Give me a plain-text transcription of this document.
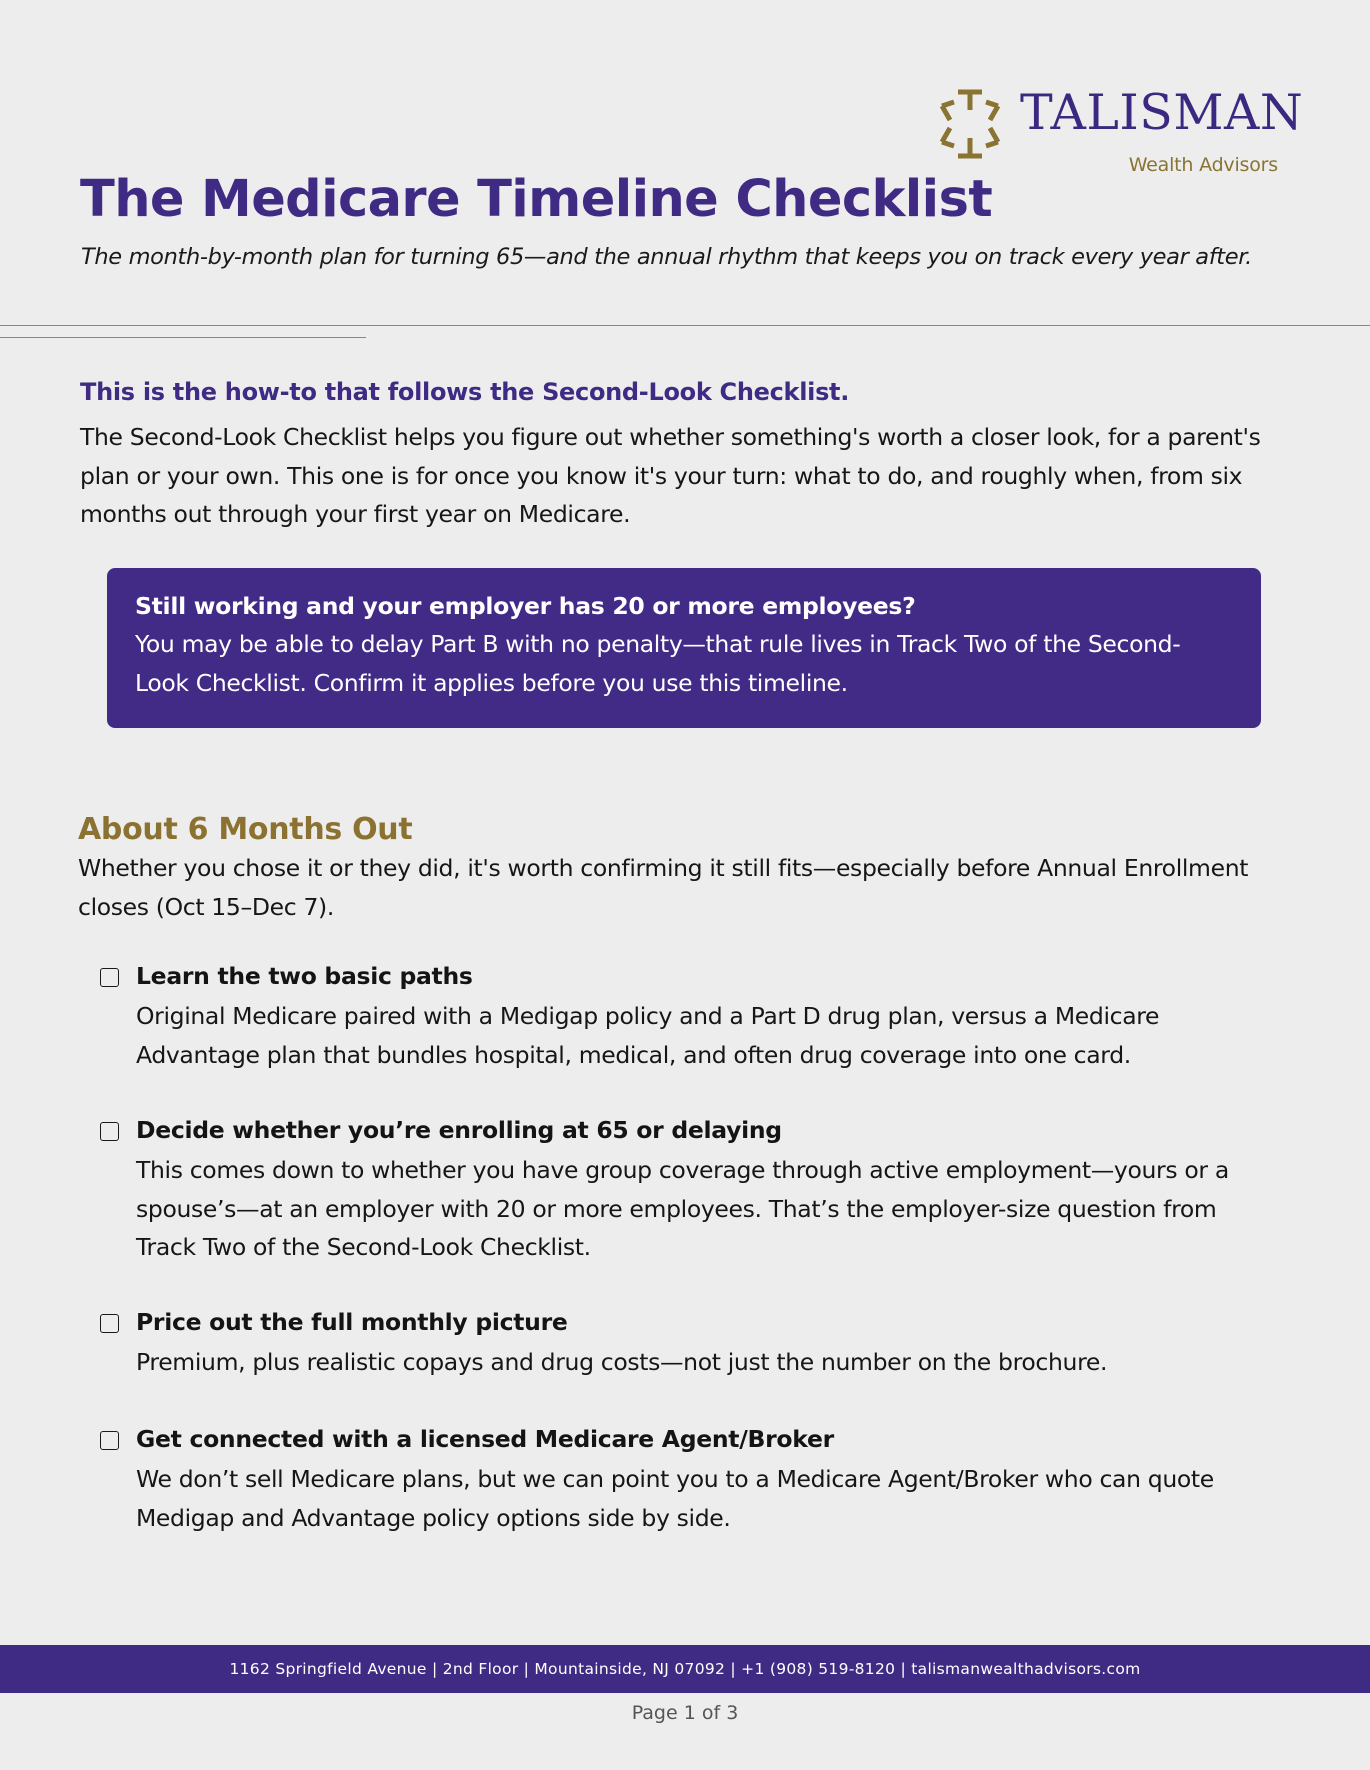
TALISMAN
Wealth Advisors
The Medicare Timeline Checklist

The month-by-month plan for turning 65—and the annual rhythm that keeps you on track every year after.

This is the how-to that follows the Second-Look Checklist.

The Second-Look Checklist helps you figure out whether something's worth a closer look, for a parent's plan or your own. This one is for once you know it's your turn: what to do, and roughly when, from six months out through your first year on Medicare.

Still working and your employer has 20 or more employees?
You may be able to delay Part B with no penalty—that rule lives in Track Two of the Second-Look Checklist. Confirm it applies before you use this timeline.
About 6 Months Out

Whether you chose it or they did, it's worth confirming it still fits—especially before Annual Enrollment closes (Oct 15–Dec 7).

Learn the two basic paths

Original Medicare paired with a Medigap policy and a Part D drug plan, versus a Medicare Advantage plan that bundles hospital, medical, and often drug coverage into one card.

Decide whether you’re enrolling at 65 or delaying

This comes down to whether you have group coverage through active employment—yours or a spouse’s—at an employer with 20 or more employees. That’s the employer-size question from Track Two of the Second-Look Checklist.

Price out the full monthly picture

Premium, plus realistic copays and drug costs—not just the number on the brochure.

Get connected with a licensed Medicare Agent/Broker

We don’t sell Medicare plans, but we can point you to a Medicare Agent/Broker who can quote Medigap and Advantage policy options side by side.

1162 Springfield Avenue | 2nd Floor | Mountainside, NJ 07092 | +1 (908) 519-8120 | talismanwealthadvisors.com
Page 1 of 3
